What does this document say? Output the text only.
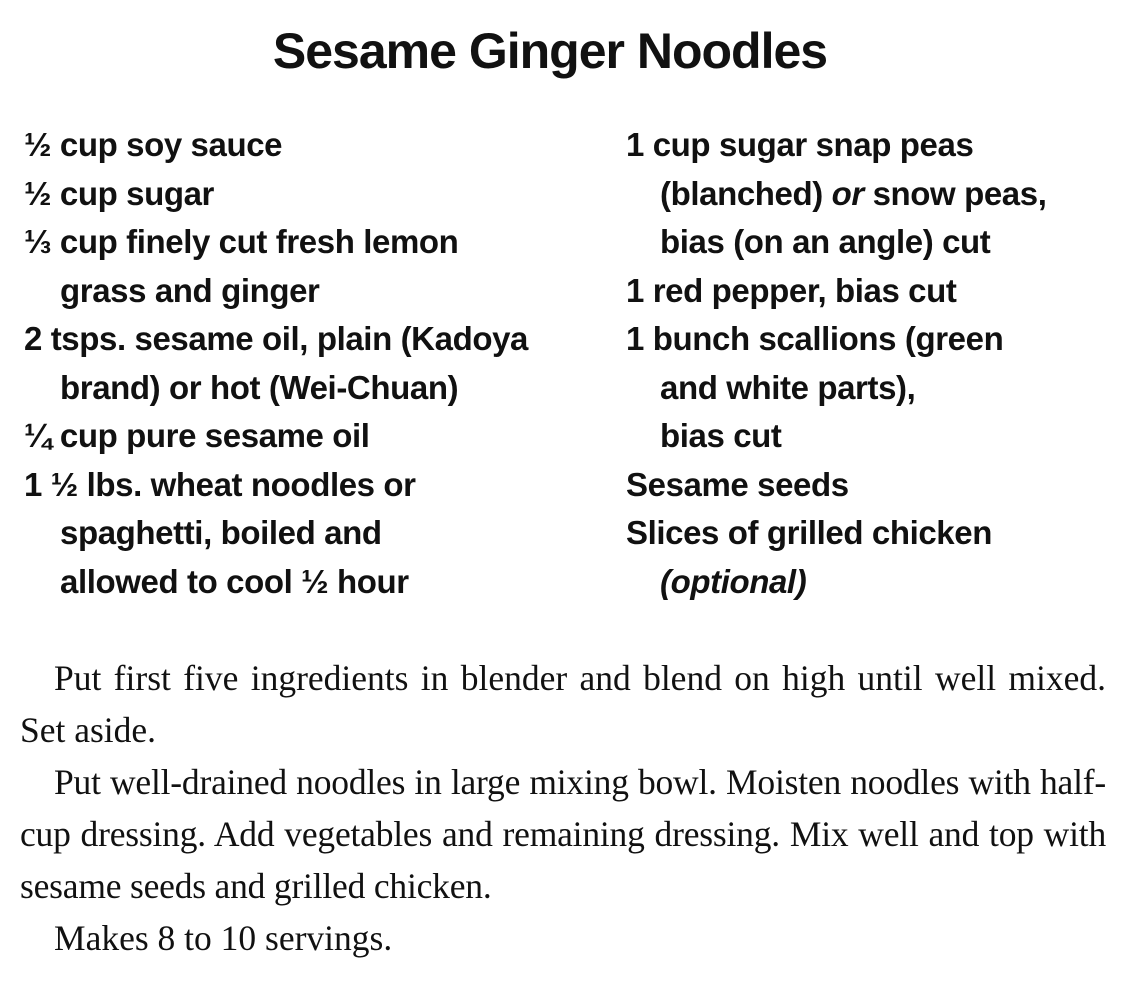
Sesame Ginger Noodles
½ cup soy sauce
½ cup sugar
⅓ cup finely cut fresh lemon
grass and ginger
2 tsps. sesame oil, plain (Kadoya
brand) or hot (Wei-Chuan)
¼ cup pure sesame oil
1 ½ lbs. wheat noodles or
spaghetti, boiled and
allowed to cool ½ hour
1 cup sugar snap peas
(blanched) or snow peas,
bias (on an angle) cut
1 red pepper, bias cut
1 bunch scallions (green
and white parts),
bias cut
Sesame seeds
Slices of grilled chicken
(optional)

Put first five ingredients in blender and blend on high until well mixed. Set aside.

Put well-drained noodles in large mixing bowl. Moisten noodles with half-cup dressing. Add vegetables and remaining dressing. Mix well and top with sesame seeds and grilled chicken.

Makes 8 to 10 servings.
